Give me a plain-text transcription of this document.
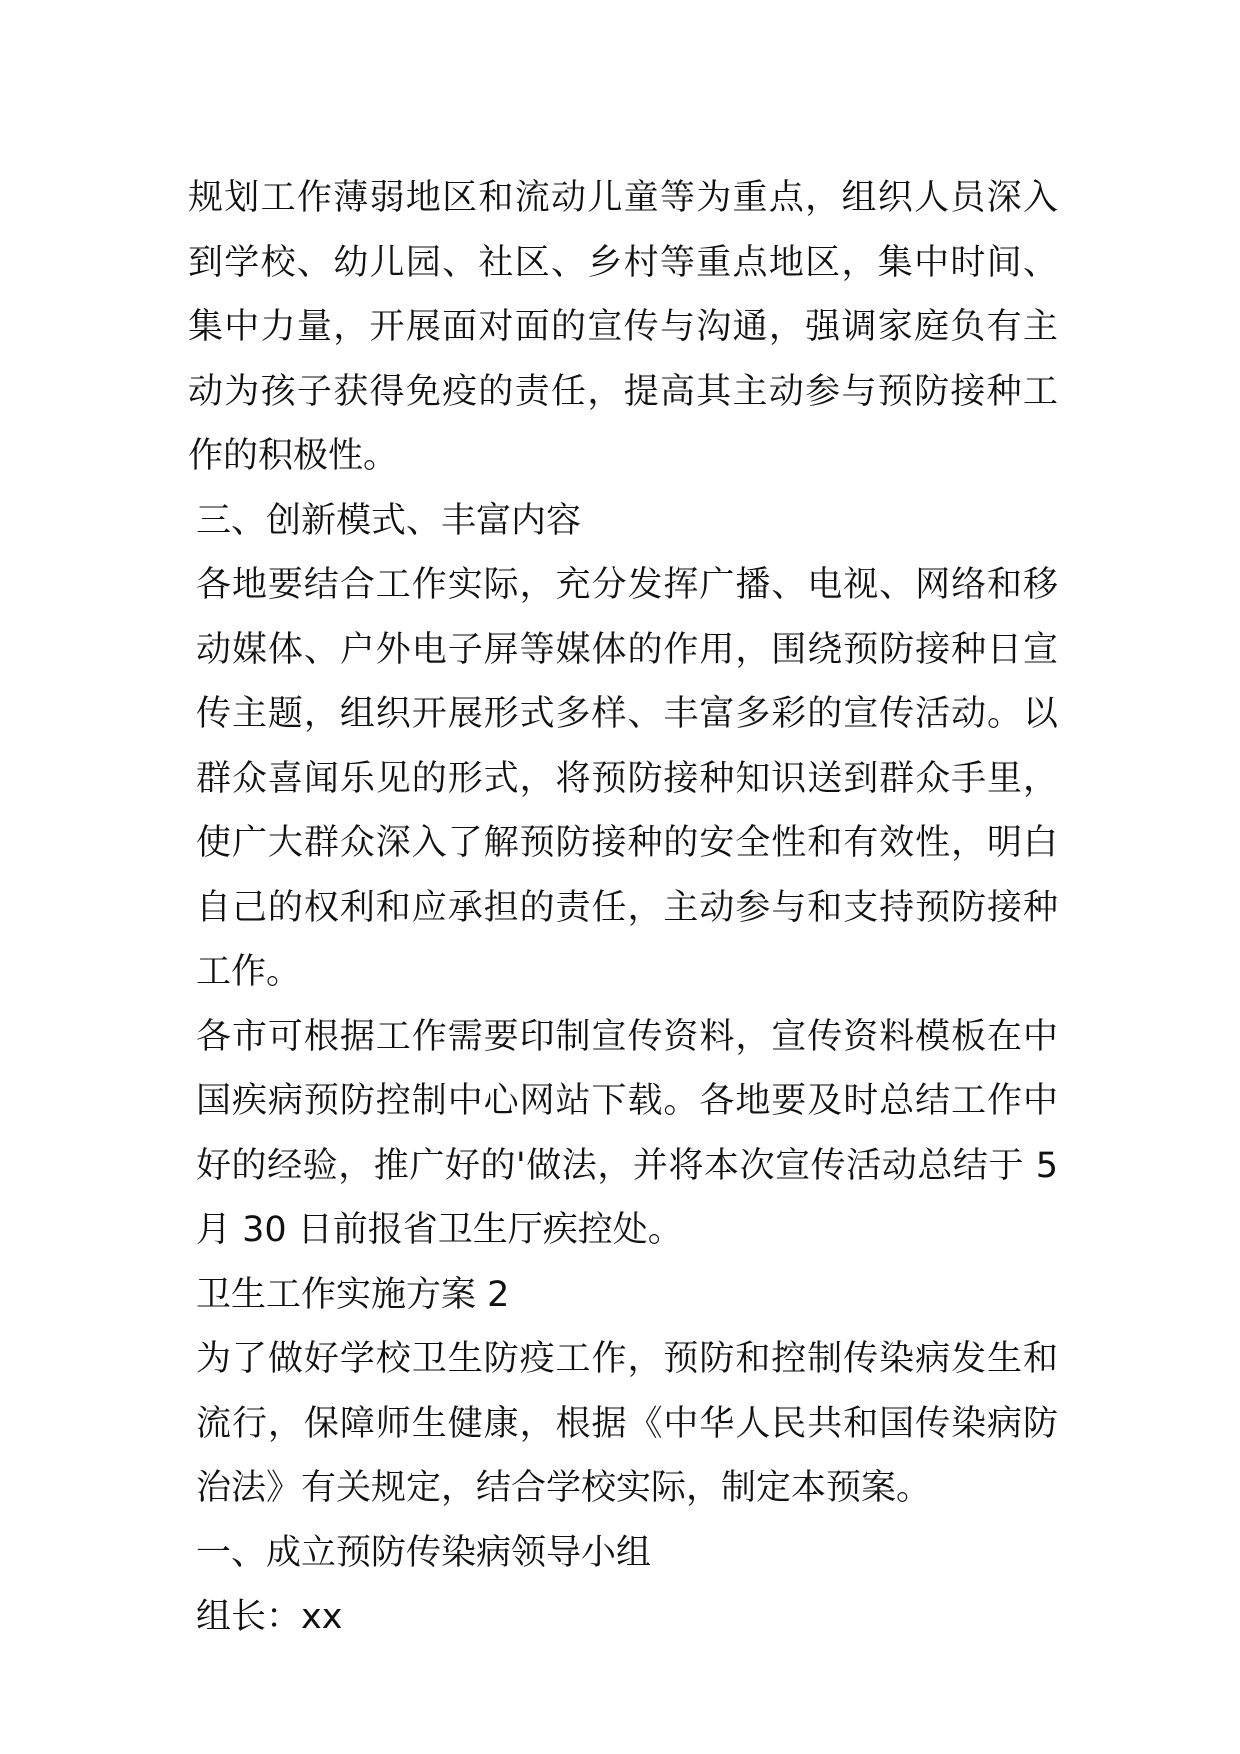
规划工作薄弱地区和流动儿童等为重点，组织人员深入到学校、幼儿园、社区、乡村等重点地区，集中时间、集中力量，开展面对面的宣传与沟通，强调家庭负有主动为孩子获得免疫的责任，提高其主动参与预防接种工作的积极性。

三、创新模式、丰富内容

各地要结合工作实际，充分发挥广播、电视、网络和移动媒体、户外电子屏等媒体的作用，围绕预防接种日宣传主题，组织开展形式多样、丰富多彩的宣传活动。以群众喜闻乐见的形式，将预防接种知识送到群众手里，使广大群众深入了解预防接种的安全性和有效性，明白自己的权利和应承担的责任，主动参与和支持预防接种工作。

各市可根据工作需要印制宣传资料，宣传资料模板在中国疾病预防控制中心网站下载。各地要及时总结工作中好的经验，推广好的'做法，并将本次宣传活动总结于 5 月 30 日前报省卫生厅疾控处。

卫生工作实施方案 2

为了做好学校卫生防疫工作，预防和控制传染病发生和流行，保障师生健康，根据《中华人民共和国传染病防治法》有关规定，结合学校实际，制定本预案。

一、成立预防传染病领导小组

组长：xx
